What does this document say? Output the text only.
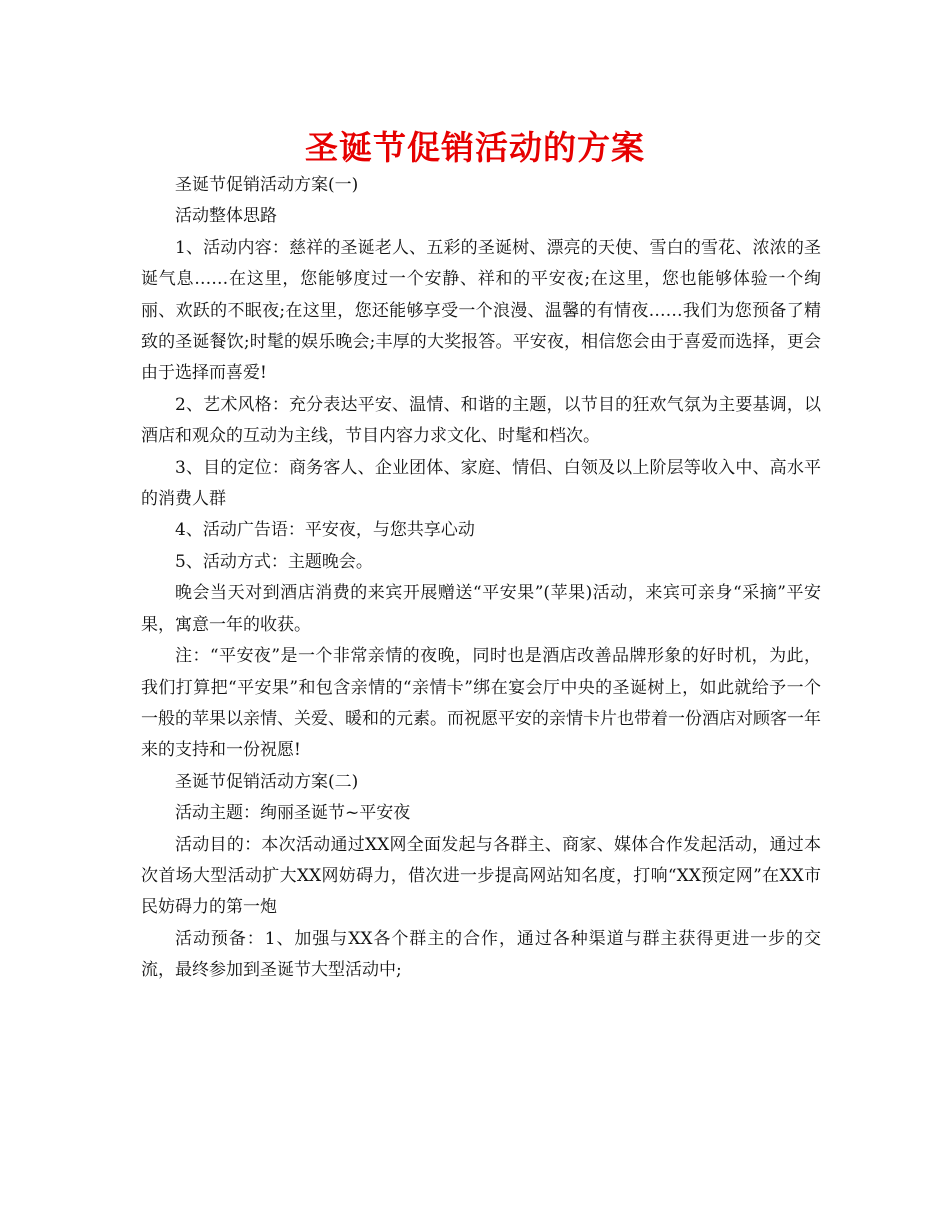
圣诞节促销活动的方案

圣诞节促销活动方案(一)

活动整体思路

1、活动内容：慈祥的圣诞老人、五彩的圣诞树、漂亮的天使、雪白的雪花、浓浓的圣诞气息……在这里，您能够度过一个安静、祥和的平安夜;在这里，您也能够体验一个绚丽、欢跃的不眠夜;在这里，您还能够享受一个浪漫、温馨的有情夜……我们为您预备了精致的圣诞餐饮;时髦的娱乐晚会;丰厚的大奖报答。平安夜，相信您会由于喜爱而选择，更会由于选择而喜爱!

2、艺术风格：充分表达平安、温情、和谐的主题，以节目的狂欢气氛为主要基调，以酒店和观众的互动为主线，节目内容力求文化、时髦和档次。

3、目的定位：商务客人、企业团体、家庭、情侣、白领及以上阶层等收入中、高水平的消费人群

4、活动广告语：平安夜，与您共享心动

5、活动方式：主题晚会。

晚会当天对到酒店消费的来宾开展赠送“平安果”(苹果)活动，来宾可亲身“采摘”平安果，寓意一年的收获。

注：“平安夜”是一个非常亲情的夜晚，同时也是酒店改善品牌形象的好时机，为此，我们打算把“平安果”和包含亲情的“亲情卡”绑在宴会厅中央的圣诞树上，如此就给予一个一般的苹果以亲情、关爱、暖和的元素。而祝愿平安的亲情卡片也带着一份酒店对顾客一年来的支持和一份祝愿!

圣诞节促销活动方案(二)

活动主题：绚丽圣诞节~平安夜

活动目的：本次活动通过XX网全面发起与各群主、商家、媒体合作发起活动，通过本次首场大型活动扩大XX网妨碍力，借次进一步提高网站知名度，打响“XX预定网”在XX市民妨碍力的第一炮

活动预备：1、加强与XX各个群主的合作，通过各种渠道与群主获得更进一步的交流，最终参加到圣诞节大型活动中;
